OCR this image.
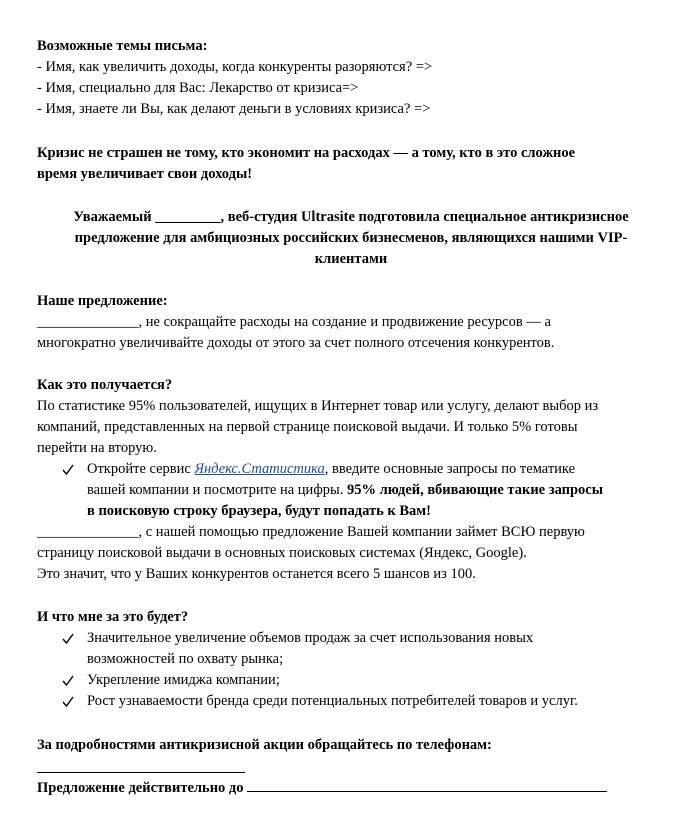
Возможные темы письма:
- Имя, как увеличить доходы, когда конкуренты разоряются? =>
- Имя, специально для Вас: Лекарство от кризиса=>
- Имя, знаете ли Вы, как делают деньги в условиях кризиса? =>
Кризис не страшен не тому, кто экономит на расходах — а тому, кто в это сложное
время увеличивает свои доходы!
Уважаемый _________, веб-студия Ultrasite подготовила специальное антикризисное
предложение для амбициозных российских бизнесменов, являющихся нашими VIP-
клиентами
Наше предложение:
______________, не сокращайте расходы на создание и продвижение ресурсов — а
многократно увеличивайте доходы от этого за счет полного отсечения конкурентов.
Как это получается?
По статистике 95% пользователей, ищущих в Интернет товар или услугу, делают выбор из
компаний, представленных на первой странице поисковой выдачи. И только 5% готовы
перейти на вторую.
Откройте сервис Яндекс.Статистика, введите основные запросы по тематике
вашей компании и посмотрите на цифры. 95% людей, вбивающие такие запросы
в поисковую строку браузера, будут попадать к Вам!
______________, с нашей помощью предложение Вашей компании займет ВСЮ первую
страницу поисковой выдачи в основных поисковых системах (Яндекс, Google).
Это значит, что у Ваших конкурентов останется всего 5 шансов из 100.
И что мне за это будет?
Значительное увеличение объемов продаж за счет использования новых
возможностей по охвату рынка;
Укрепление имиджа компании;
Рост узнаваемости бренда среди потенциальных потребителей товаров и услуг.
За подробностями антикризисной акции обращайтесь по телефонам:
Предложение действительно до
